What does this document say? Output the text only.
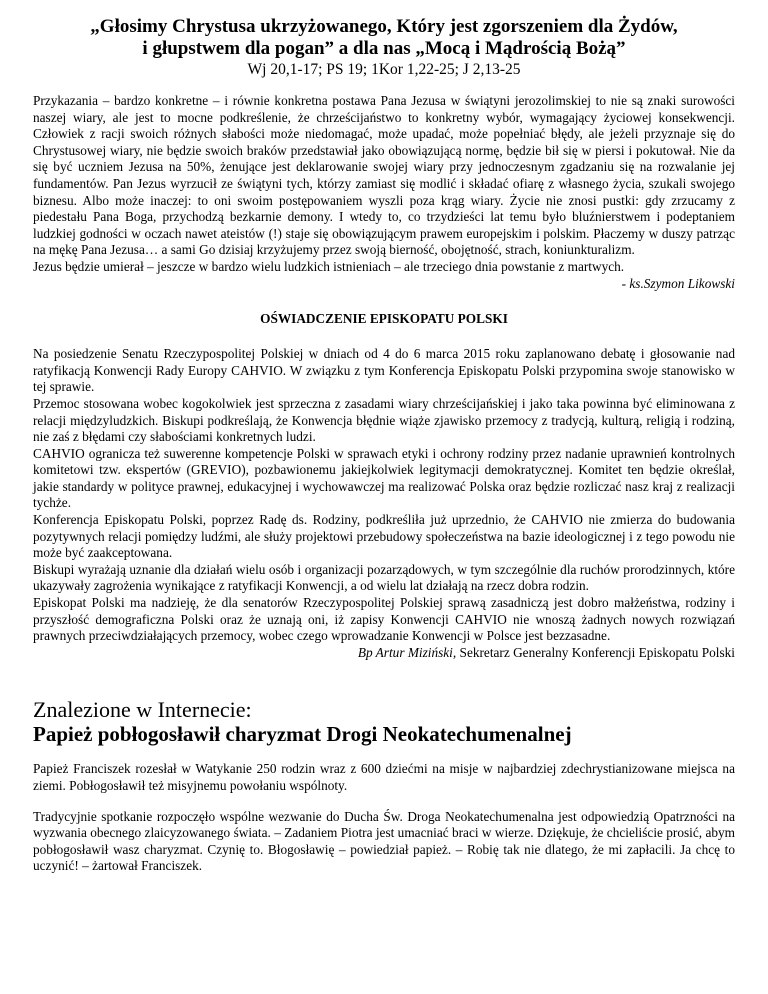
„Głosimy Chrystusa ukrzyżowanego, Który jest zgorszeniem dla Żydów,
i głupstwem dla pogan” a dla nas „Mocą i Mądrością Bożą”
Wj 20,1-17; PS 19; 1Kor 1,22-25; J 2,13-25

Przykazania – bardzo konkretne – i równie konkretna postawa Pana Jezusa w świątyni jerozolimskiej to nie są znaki surowości naszej wiary, ale jest to mocne podkreślenie, że chrześcijaństwo to konkretny wybór, wymagający życiowej konsekwencji. Człowiek z racji swoich różnych słabości może niedomagać, może upadać, może popełniać błędy, ale jeżeli przyznaje się do Chrystusowej wiary, nie będzie swoich braków przedstawiał jako obowiązującą normę, będzie bił się w piersi i pokutował. Nie da się być uczniem Jezusa na 50%, żenujące jest deklarowanie swojej wiary przy jednoczesnym zgadzaniu się na rozwalanie jej fundamentów. Pan Jezus wyrzucił ze świątyni tych, którzy zamiast się modlić i składać ofiarę z własnego życia, szukali swojego biznesu. Albo może inaczej: to oni swoim postępowaniem wyszli poza krąg wiary. Życie nie znosi pustki: gdy zrzucamy z piedestału Pana Boga, przychodzą bezkarnie demony. I wtedy to, co trzydzieści lat temu było bluźnierstwem i podeptaniem ludzkiej godności w oczach nawet ateistów (!) staje się obowiązującym prawem europejskim i polskim. Płaczemy w duszy patrząc na mękę Pana Jezusa… a sami Go dzisiaj krzyżujemy przez swoją bierność, obojętność, strach, koniunkturalizm.

Jezus będzie umierał – jeszcze w bardzo wielu ludzkich istnieniach – ale trzeciego dnia powstanie z martwych.

- ks.Szymon Likowski
OŚWIADCZENIE EPISKOPATU POLSKI

Na posiedzenie Senatu Rzeczypospolitej Polskiej w dniach od 4 do 6 marca 2015 roku zaplanowano debatę i głosowanie nad ratyfikacją Konwencji Rady Europy CAHVIO. W związku z tym Konferencja Episkopatu Polski przypomina swoje stanowisko w tej sprawie.

Przemoc stosowana wobec kogokolwiek jest sprzeczna z zasadami wiary chrześcijańskiej i jako taka powinna być eliminowana z relacji międzyludzkich. Biskupi podkreślają, że Konwencja błędnie wiąże zjawisko przemocy z tradycją, kulturą, religią i rodziną, nie zaś z błędami czy słabościami konkretnych ludzi.

CAHVIO ogranicza też suwerenne kompetencje Polski w sprawach etyki i ochrony rodziny przez nadanie uprawnień kontrolnych komitetowi tzw. ekspertów (GREVIO), pozbawionemu jakiejkolwiek legitymacji demokratycznej. Komitet ten będzie określał, jakie standardy w polityce prawnej, edukacyjnej i wychowawczej ma realizować Polska oraz będzie rozliczać nasz kraj z realizacji tychże.

Konferencja Episkopatu Polski, poprzez Radę ds. Rodziny, podkreśliła już uprzednio, że CAHVIO nie zmierza do budowania pozytywnych relacji pomiędzy ludźmi, ale służy projektowi przebudowy społeczeństwa na bazie ideologicznej i z tego powodu nie może być zaakceptowana.

Biskupi wyrażają uznanie dla działań wielu osób i organizacji pozarządowych, w tym szczególnie dla ruchów prorodzinnych, które ukazywały zagrożenia wynikające z ratyfikacji Konwencji, a od wielu lat działają na rzecz dobra rodzin.

Episkopat Polski ma nadzieję, że dla senatorów Rzeczypospolitej Polskiej sprawą zasadniczą jest dobro małżeństwa, rodziny i przyszłość demograficzna Polski oraz że uznają oni, iż zapisy Konwencji CAHVIO nie wnoszą żadnych nowych rozwiązań prawnych przeciwdziałających przemocy, wobec czego wprowadzanie Konwencji w Polsce jest bezzasadne.

Bp Artur Miziński, Sekretarz Generalny Konferencji Episkopatu Polski
Znalezione w Internecie:
Papież pobłogosławił charyzmat Drogi Neokatechumenalnej

Papież Franciszek rozesłał w Watykanie 250 rodzin wraz z 600 dziećmi na misje w najbardziej zdechrystianizowane miejsca na ziemi. Pobłogosławił też misyjnemu powołaniu wspólnoty.

Tradycyjnie spotkanie rozpoczęło wspólne wezwanie do Ducha Św. Droga Neokatechumenalna jest odpowiedzią Opatrzności na wyzwania obecnego zlaicyzowanego świata. – Zadaniem Piotra jest umacniać braci w wierze. Dziękuje, że chcieliście prosić, abym pobłogosławił wasz charyzmat. Czynię to. Błogosławię – powiedział papież. – Robię tak nie dlatego, że mi zapłacili. Ja chcę to uczynić! – żartował Franciszek.
